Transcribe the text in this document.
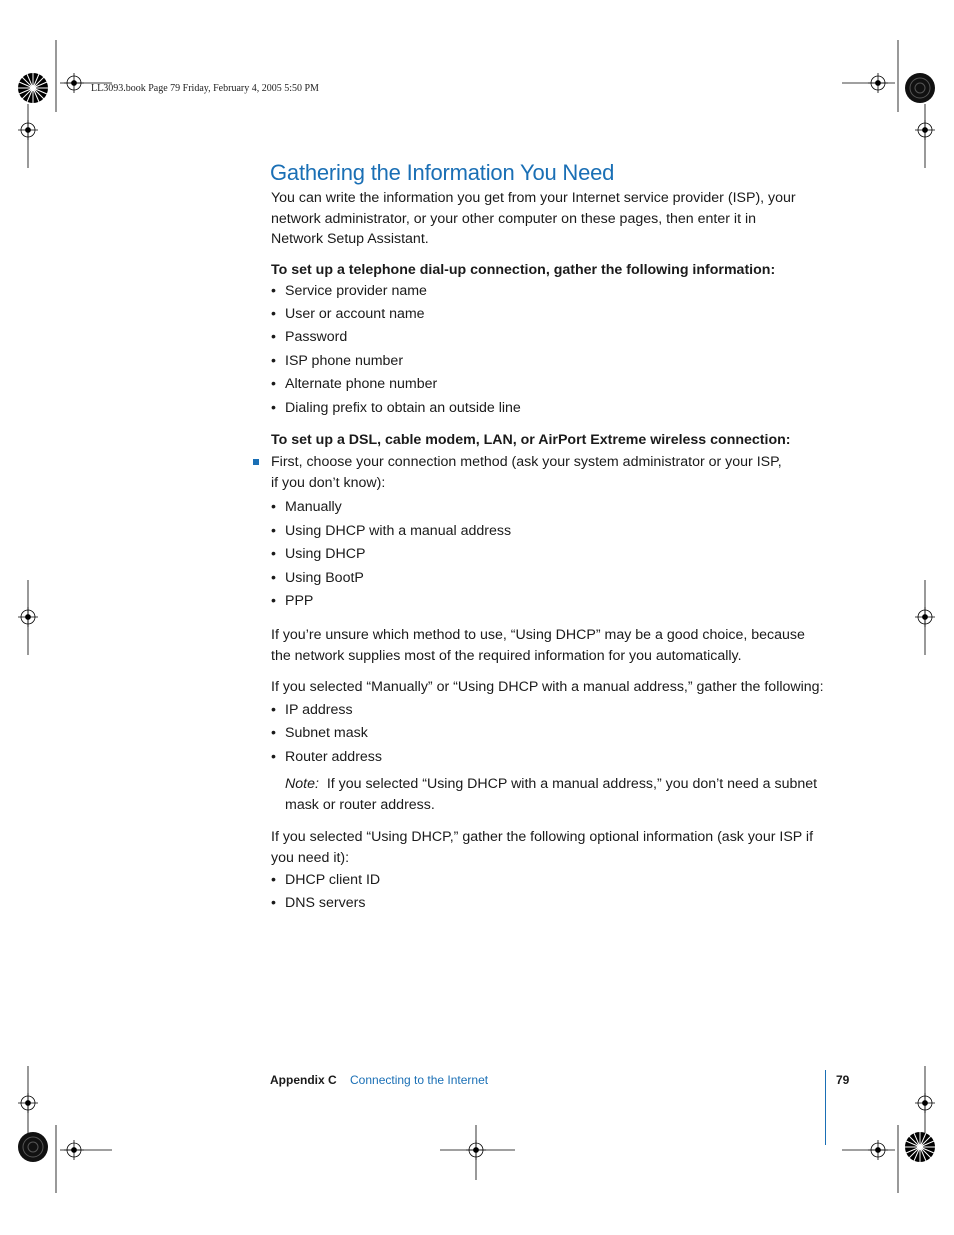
LL3093.book Page 79 Friday, February 4, 2005 5:50 PM
Gathering the Information You Need
You can write the information you get from your Internet service provider (ISP), your
network administrator, or your other computer on these pages, then enter it in
Network Setup Assistant.
To set up a telephone dial-up connection, gather the following information:
• Service provider name
• User or account name
• Password
• ISP phone number
• Alternate phone number
• Dialing prefix to obtain an outside line
To set up a DSL, cable modem, LAN, or AirPort Extreme wireless connection:
First, choose your connection method (ask your system administrator or your ISP,
if you don’t know):
• Manually
• Using DHCP with a manual address
• Using DHCP
• Using BootP
• PPP
If you’re unsure which method to use, “Using DHCP” may be a good choice, because
the network supplies most of the required information for you automatically.
If you selected “Manually” or “Using DHCP with a manual address,” gather the following:
• IP address
• Subnet mask
• Router address
Note: If you selected “Using DHCP with a manual address,” you don’t need a subnet
mask or router address.
If you selected “Using DHCP,” gather the following optional information (ask your ISP if
you need it):
• DHCP client ID
• DNS servers
Appendix C Connecting to the Internet	79
